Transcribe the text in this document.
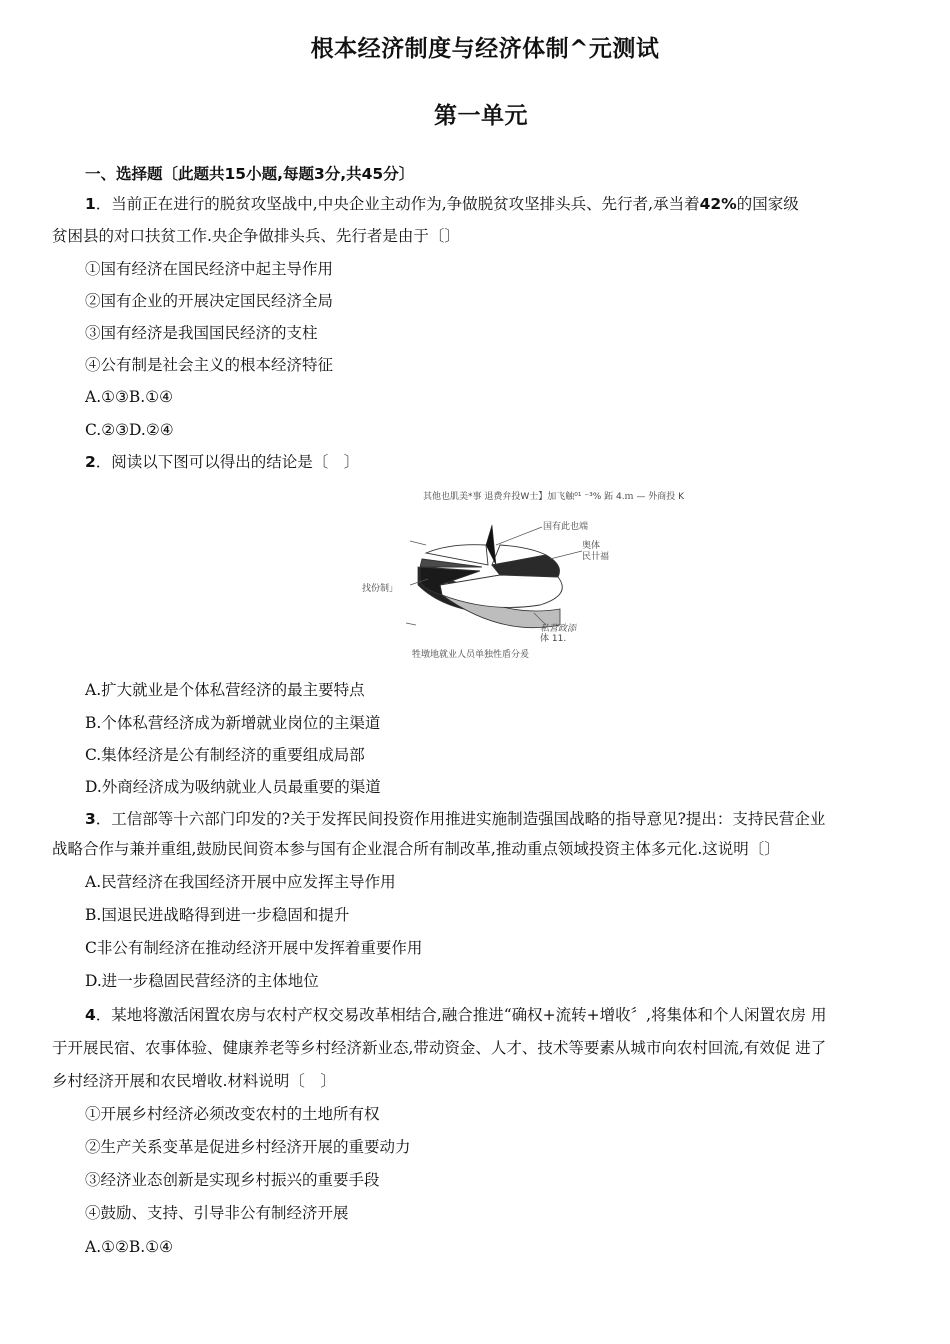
根本经济制度与经济体制^元测试
第一单元
一、选择题〔此题共15小题,每题3分,共45分〕
1．当前正在进行的脱贫攻坚战中,中央企业主动作为,争做脱贫攻坚排头兵、先行者,承当着42%的国家级
贫困县的对口扶贫工作.央企争做排头兵、先行者是由于〔〕
①国有经济在国民经济中起主导作用
②国有企业的开展决定国民经济全局
③国有经济是我国国民经济的支柱
④公有制是社会主义的根本经济特征
A.①③B.①④
C.②③D.②④
2．阅读以下图可以得出的结论是〔　〕
其他也肌美*事 退费弁投W士】加飞触⁰¹ ⁻³% 跖 4.ｍ — 外商投 K
国有此也端
奥体
民卄福
找份制」
私营政添
体 11.
牲墩地就业人员单独性盾分爰
A.扩大就业是个体私营经济的最主要特点
B.个体私营经济成为新增就业岗位的主渠道
C.集体经济是公有制经济的重要组成局部
D.外商经济成为吸纳就业人员最重要的渠道
3．工信部等十六部门印发的?关于发挥民间投资作用推进实施制造强国战略的指导意见?提出：支持民营企业
战略合作与兼并重组,鼓励民间资本参与国有企业混合所有制改革,推动重点领域投资主体多元化.这说明〔〕
A.民营经济在我国经济开展中应发挥主导作用
B.国退民进战略得到进一步稳固和提升
C非公有制经济在推动经济开展中发挥着重要作用
D.进一步稳固民营经济的主体地位
4．某地将激活闲置农房与农村产权交易改革相结合,融合推进“确权+流转+增收〞,将集体和个人闲置农房 用
于开展民宿、农事体验、健康养老等乡村经济新业态,带动资金、人才、技术等要素从城市向农村回流,有效促 进了
乡村经济开展和农民增收.材料说明〔　〕
①开展乡村经济必须改变农村的土地所有权
②生产关系变革是促进乡村经济开展的重要动力
③经济业态创新是实现乡村振兴的重要手段
④鼓励、支持、引导非公有制经济开展
A.①②B.①④
